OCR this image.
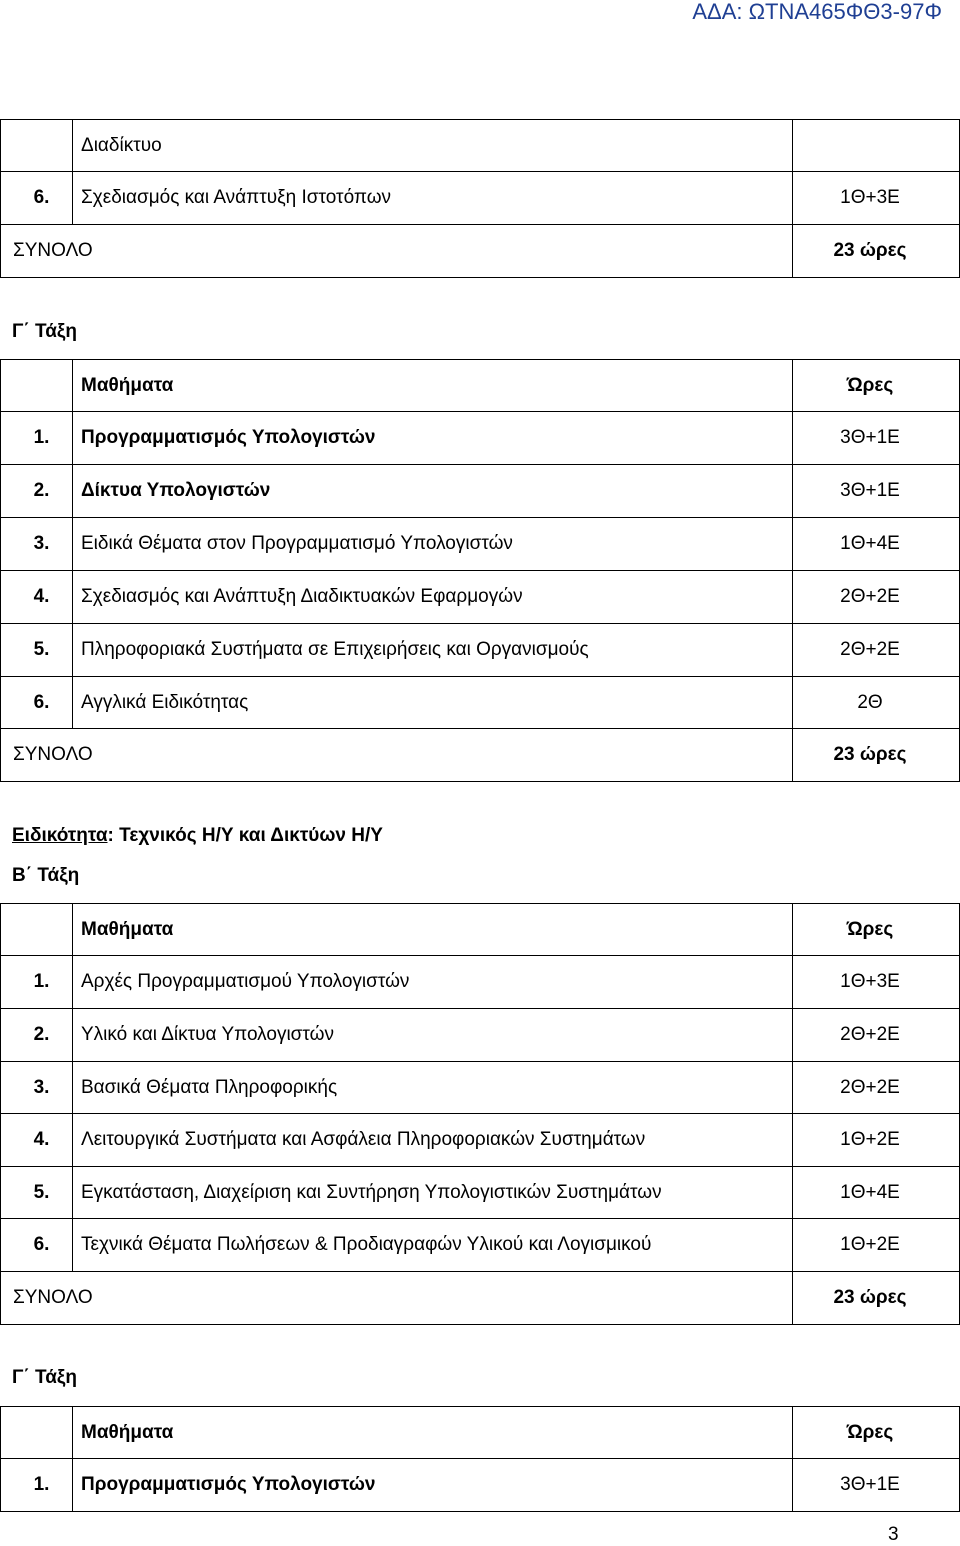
ΑΔΑ: ΩΤΝΑ465ΦΘ3-97Φ
	Διαδίκτυο	
6.	Σχεδιασμός και Ανάπτυξη Ιστοτόπων	1Θ+3Ε
ΣΥΝΟΛΟ		23 ώρες
Γ΄ Τάξη
	Μαθήματα	Ώρες
1.	Προγραμματισμός Υπολογιστών	3Θ+1Ε
2.	Δίκτυα Υπολογιστών	3Θ+1Ε
3.	Ειδικά Θέματα στον Προγραμματισμό Υπολογιστών	1Θ+4Ε
4.	Σχεδιασμός και Ανάπτυξη Διαδικτυακών Εφαρμογών	2Θ+2Ε
5.	Πληροφοριακά Συστήματα σε Επιχειρήσεις και Οργανισμούς	2Θ+2Ε
6.	Αγγλικά Ειδικότητας	2Θ
ΣΥΝΟΛΟ		23 ώρες
Ειδικότητα: Τεχνικός Η/Υ και Δικτύων Η/Υ
Β΄ Τάξη
	Μαθήματα	Ώρες
1.	Αρχές Προγραμματισμού Υπολογιστών	1Θ+3Ε
2.	Υλικό και Δίκτυα Υπολογιστών	2Θ+2Ε
3.	Βασικά Θέματα Πληροφορικής	2Θ+2Ε
4.	Λειτουργικά Συστήματα και Ασφάλεια Πληροφοριακών Συστημάτων	1Θ+2Ε
5.	Εγκατάσταση, Διαχείριση και Συντήρηση Υπολογιστικών Συστημάτων	1Θ+4Ε
6.	Τεχνικά Θέματα Πωλήσεων & Προδιαγραφών Υλικού και Λογισμικού	1Θ+2Ε
ΣΥΝΟΛΟ		23 ώρες
Γ΄ Τάξη
	Μαθήματα	Ώρες
1.	Προγραμματισμός Υπολογιστών	3Θ+1Ε
3
